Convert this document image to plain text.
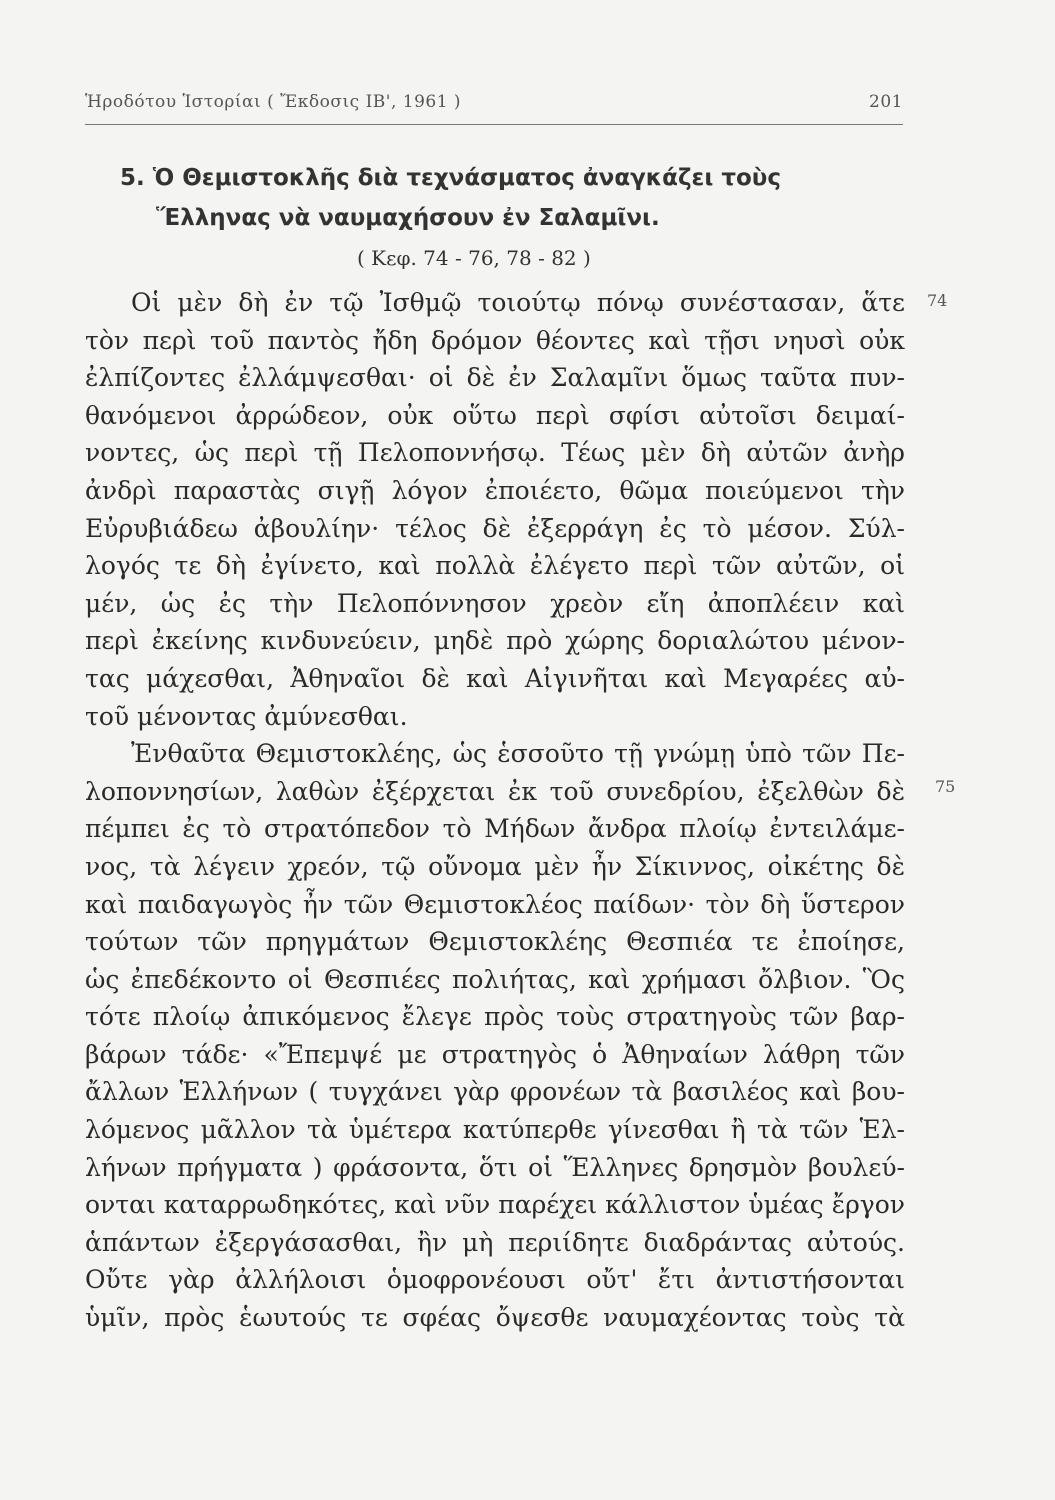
Ἡροδότου Ἱστορίαι ( Ἔκδοσις ΙΒ', 1961 )	201
5. Ὁ Θεμιστοκλῆς διὰ τεχνάσματος ἀναγκάζει τοὺς
Ἕλληνας νὰ ναυμαχήσουν ἐν Σαλαμῖνι.
( Κεφ. 74 - 76, 78 - 82 )
74
75
Οἱ μὲν δὴ ἐν τῷ Ἰσθμῷ τοιούτῳ πόνῳ συνέστασαν, ἅτε
τὸν περὶ τοῦ παντὸς ἤδη δρόμον θέοντες καὶ τῇσι νηυσὶ οὐκ
ἐλπίζοντες ἐλλάμψεσθαι· οἱ δὲ ἐν Σαλαμῖνι ὅμως ταῦτα πυν-
θανόμενοι ἀρρώδεον, οὐκ οὕτω περὶ σφίσι αὐτοῖσι δειμαί-
νοντες, ὡς περὶ τῇ Πελοποννήσῳ. Τέως μὲν δὴ αὐτῶν ἀνὴρ
ἀνδρὶ παραστὰς σιγῇ λόγον ἐποιέετο, θῶμα ποιεύμενοι τὴν
Εὐρυβιάδεω ἀβουλίην· τέλος δὲ ἐξερράγη ἐς τὸ μέσον. Σύλ-
λογός τε δὴ ἐγίνετο, καὶ πολλὰ ἐλέγετο περὶ τῶν αὐτῶν, οἱ
μέν, ὡς ἐς τὴν Πελοπόννησον χρεὸν εἴη ἀποπλέειν καὶ
περὶ ἐκείνης κινδυνεύειν, μηδὲ πρὸ χώρης δοριαλώτου μένον-
τας μάχεσθαι, Ἀθηναῖοι δὲ καὶ Αἰγινῆται καὶ Μεγαρέες αὐ-
τοῦ μένοντας ἀμύνεσθαι.
Ἐνθαῦτα Θεμιστοκλέης, ὡς ἑσσοῦτο τῇ γνώμῃ ὑπὸ τῶν Πε-
λοποννησίων, λαθὼν ἐξέρχεται ἐκ τοῦ συνεδρίου, ἐξελθὼν δὲ
πέμπει ἐς τὸ στρατόπεδον τὸ Μήδων ἄνδρα πλοίῳ ἐντειλάμε-
νος, τὰ λέγειν χρεόν, τῷ οὔνομα μὲν ἦν Σίκιννος, οἰκέτης δὲ
καὶ παιδαγωγὸς ἦν τῶν Θεμιστοκλέος παίδων· τὸν δὴ ὕστερον
τούτων τῶν πρηγμάτων Θεμιστοκλέης Θεσπιέα τε ἐποίησε,
ὡς ἐπεδέκοντο οἱ Θεσπιέες πολιήτας, καὶ χρήμασι ὄλβιον. Ὃς
τότε πλοίῳ ἀπικόμενος ἔλεγε πρὸς τοὺς στρατηγοὺς τῶν βαρ-
βάρων τάδε· «Ἔπεμψέ με στρατηγὸς ὁ Ἀθηναίων λάθρη τῶν
ἄλλων Ἑλλήνων ( τυγχάνει γὰρ φρονέων τὰ βασιλέος καὶ βου-
λόμενος μᾶλλον τὰ ὑμέτερα κατύπερθε γίνεσθαι ἢ τὰ τῶν Ἑλ-
λήνων πρήγματα ) φράσοντα, ὅτι οἱ Ἕλληνες δρησμὸν βουλεύ-
ονται καταρρωδηκότες, καὶ νῦν παρέχει κάλλιστον ὑμέας ἔργον
ἁπάντων ἐξεργάσασθαι, ἢν μὴ περιίδητε διαδράντας αὐτούς.
Οὔτε γὰρ ἀλλήλοισι ὁμοφρονέουσι οὔτ' ἔτι ἀντιστήσονται
ὑμῖν, πρὸς ἑωυτούς τε σφέας ὄψεσθε ναυμαχέοντας τοὺς τὰ
